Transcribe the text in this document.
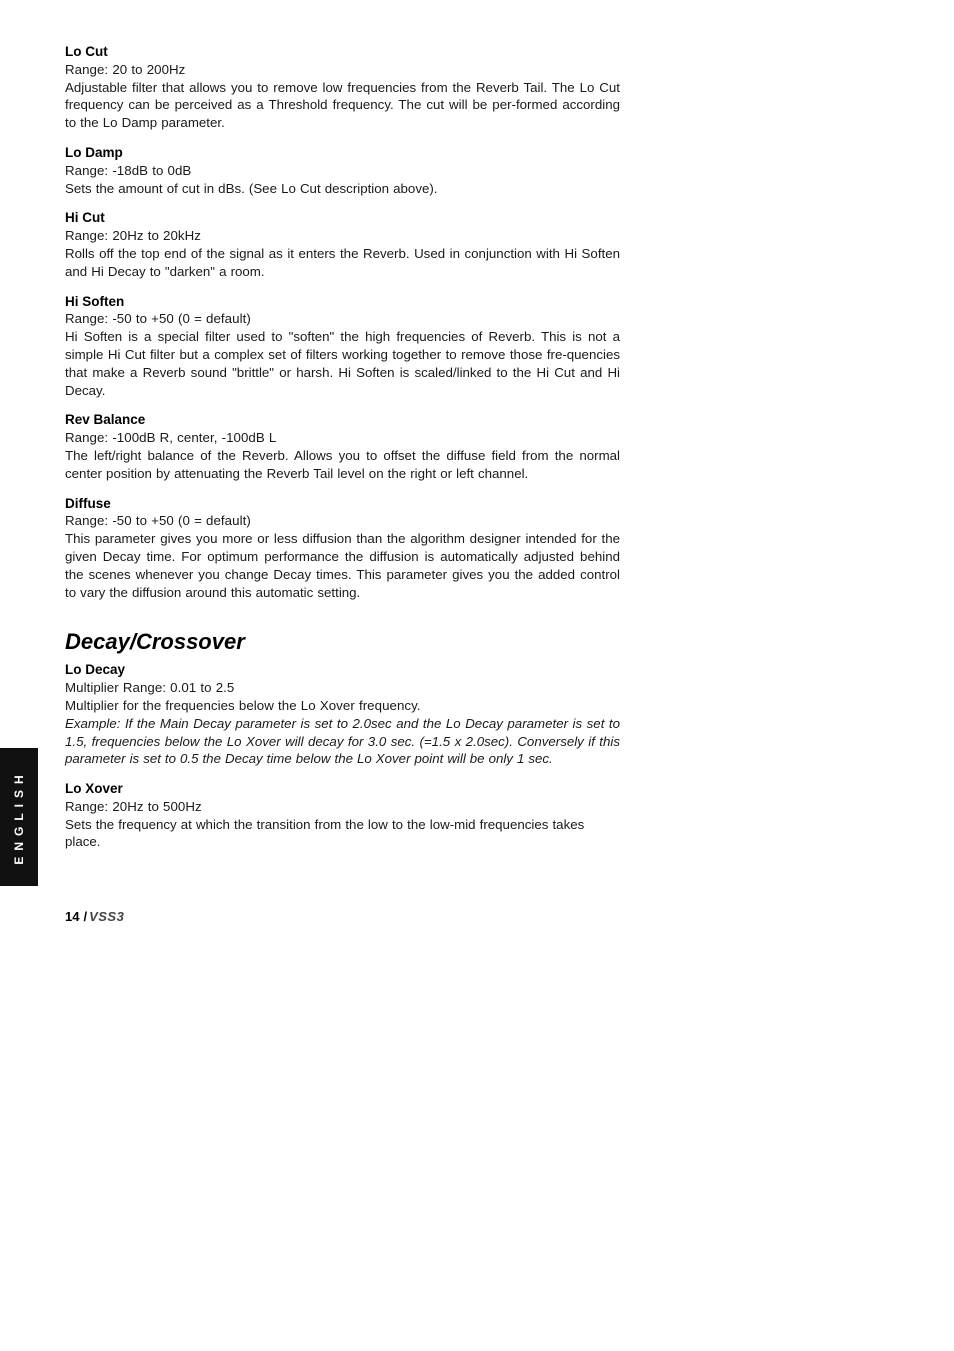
Lo Cut
Range: 20 to 200Hz
Adjustable filter that allows you to remove low frequencies from the Reverb Tail. The Lo Cut frequency can be perceived as a Threshold frequency. The cut will be per-formed according to the Lo Damp parameter.
Lo Damp
Range: -18dB to 0dB
Sets the amount of cut in dBs. (See Lo Cut description above).
Hi Cut
Range: 20Hz to 20kHz
Rolls off the top end of the signal as it enters the Reverb. Used in conjunction with Hi Soften and Hi Decay to "darken" a room.
Hi Soften
Range: -50 to +50 (0 = default)
Hi Soften is a special filter used to "soften" the high frequencies of Reverb. This is not a simple Hi Cut filter but a complex set of filters working together to remove those fre-quencies that make a Reverb sound "brittle" or harsh. Hi Soften is scaled/linked to the Hi Cut and Hi Decay.
Rev Balance
Range: -100dB R, center, -100dB L
The left/right balance of the Reverb. Allows you to offset the diffuse field from the normal center position by attenuating the Reverb Tail level on the right or left channel.
Diffuse
Range: -50 to +50 (0 = default)
This parameter gives you more or less diffusion than the algorithm designer intended for the given Decay time. For optimum performance the diffusion is automatically adjusted behind the scenes whenever you change Decay times. This parameter gives you the added control to vary the diffusion around this automatic setting.
Decay/Crossover
Lo Decay
Multiplier Range: 0.01 to 2.5
Multiplier for the frequencies below the Lo Xover frequency.
Example: If the Main Decay parameter is set to 2.0sec and the Lo Decay parameter is set to 1.5, frequencies below the Lo Xover will decay for 3.0 sec. (=1.5 x 2.0sec). Conversely if this parameter is set to 0.5 the Decay time below the Lo Xover point will be only 1 sec.
Lo Xover
Range: 20Hz to 500Hz
Sets the frequency at which the transition from the low to the low-mid frequencies takes place.
ENGLISH
14 / VSS3
